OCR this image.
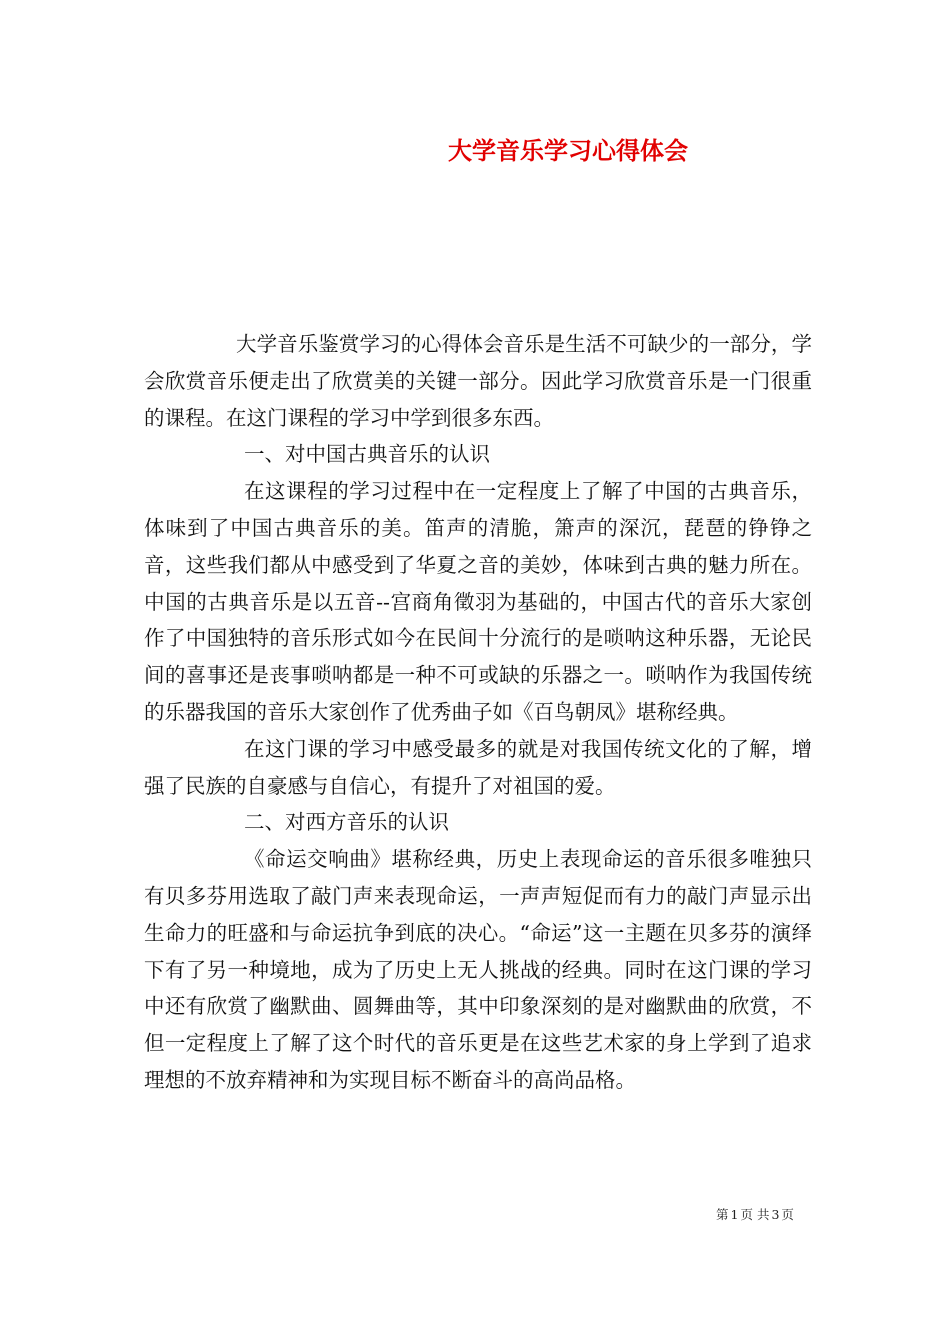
大学音乐学习心得体会

大学音乐鉴赏学习的心得体会音乐是生活不可缺少的一部分，学会欣赏音乐便走出了欣赏美的关键一部分。因此学习欣赏音乐是一门很重的课程。在这门课程的学习中学到很多东西。

一、对中国古典音乐的认识

在这课程的学习过程中在一定程度上了解了中国的古典音乐，体味到了中国古典音乐的美。笛声的清脆，箫声的深沉，琵琶的铮铮之音，这些我们都从中感受到了华夏之音的美妙，体味到古典的魅力所在。中国的古典音乐是以五音--宫商角徵羽为基础的，中国古代的音乐大家创作了中国独特的音乐形式如今在民间十分流行的是唢呐这种乐器，无论民间的喜事还是丧事唢呐都是一种不可或缺的乐器之一。唢呐作为我国传统的乐器我国的音乐大家创作了优秀曲子如《百鸟朝凤》堪称经典。

在这门课的学习中感受最多的就是对我国传统文化的了解，增强了民族的自豪感与自信心，有提升了对祖国的爱。

二、对西方音乐的认识

《命运交响曲》堪称经典，历史上表现命运的音乐很多唯独只有贝多芬用选取了敲门声来表现命运，一声声短促而有力的敲门声显示出生命力的旺盛和与命运抗争到底的决心。“命运”这一主题在贝多芬的演绎下有了另一种境地，成为了历史上无人挑战的经典。同时在这门课的学习中还有欣赏了幽默曲、圆舞曲等，其中印象深刻的是对幽默曲的欣赏，不但一定程度上了解了这个时代的音乐更是在这些艺术家的身上学到了追求理想的不放弃精神和为实现目标不断奋斗的高尚品格。

第 1 页 共 3 页
